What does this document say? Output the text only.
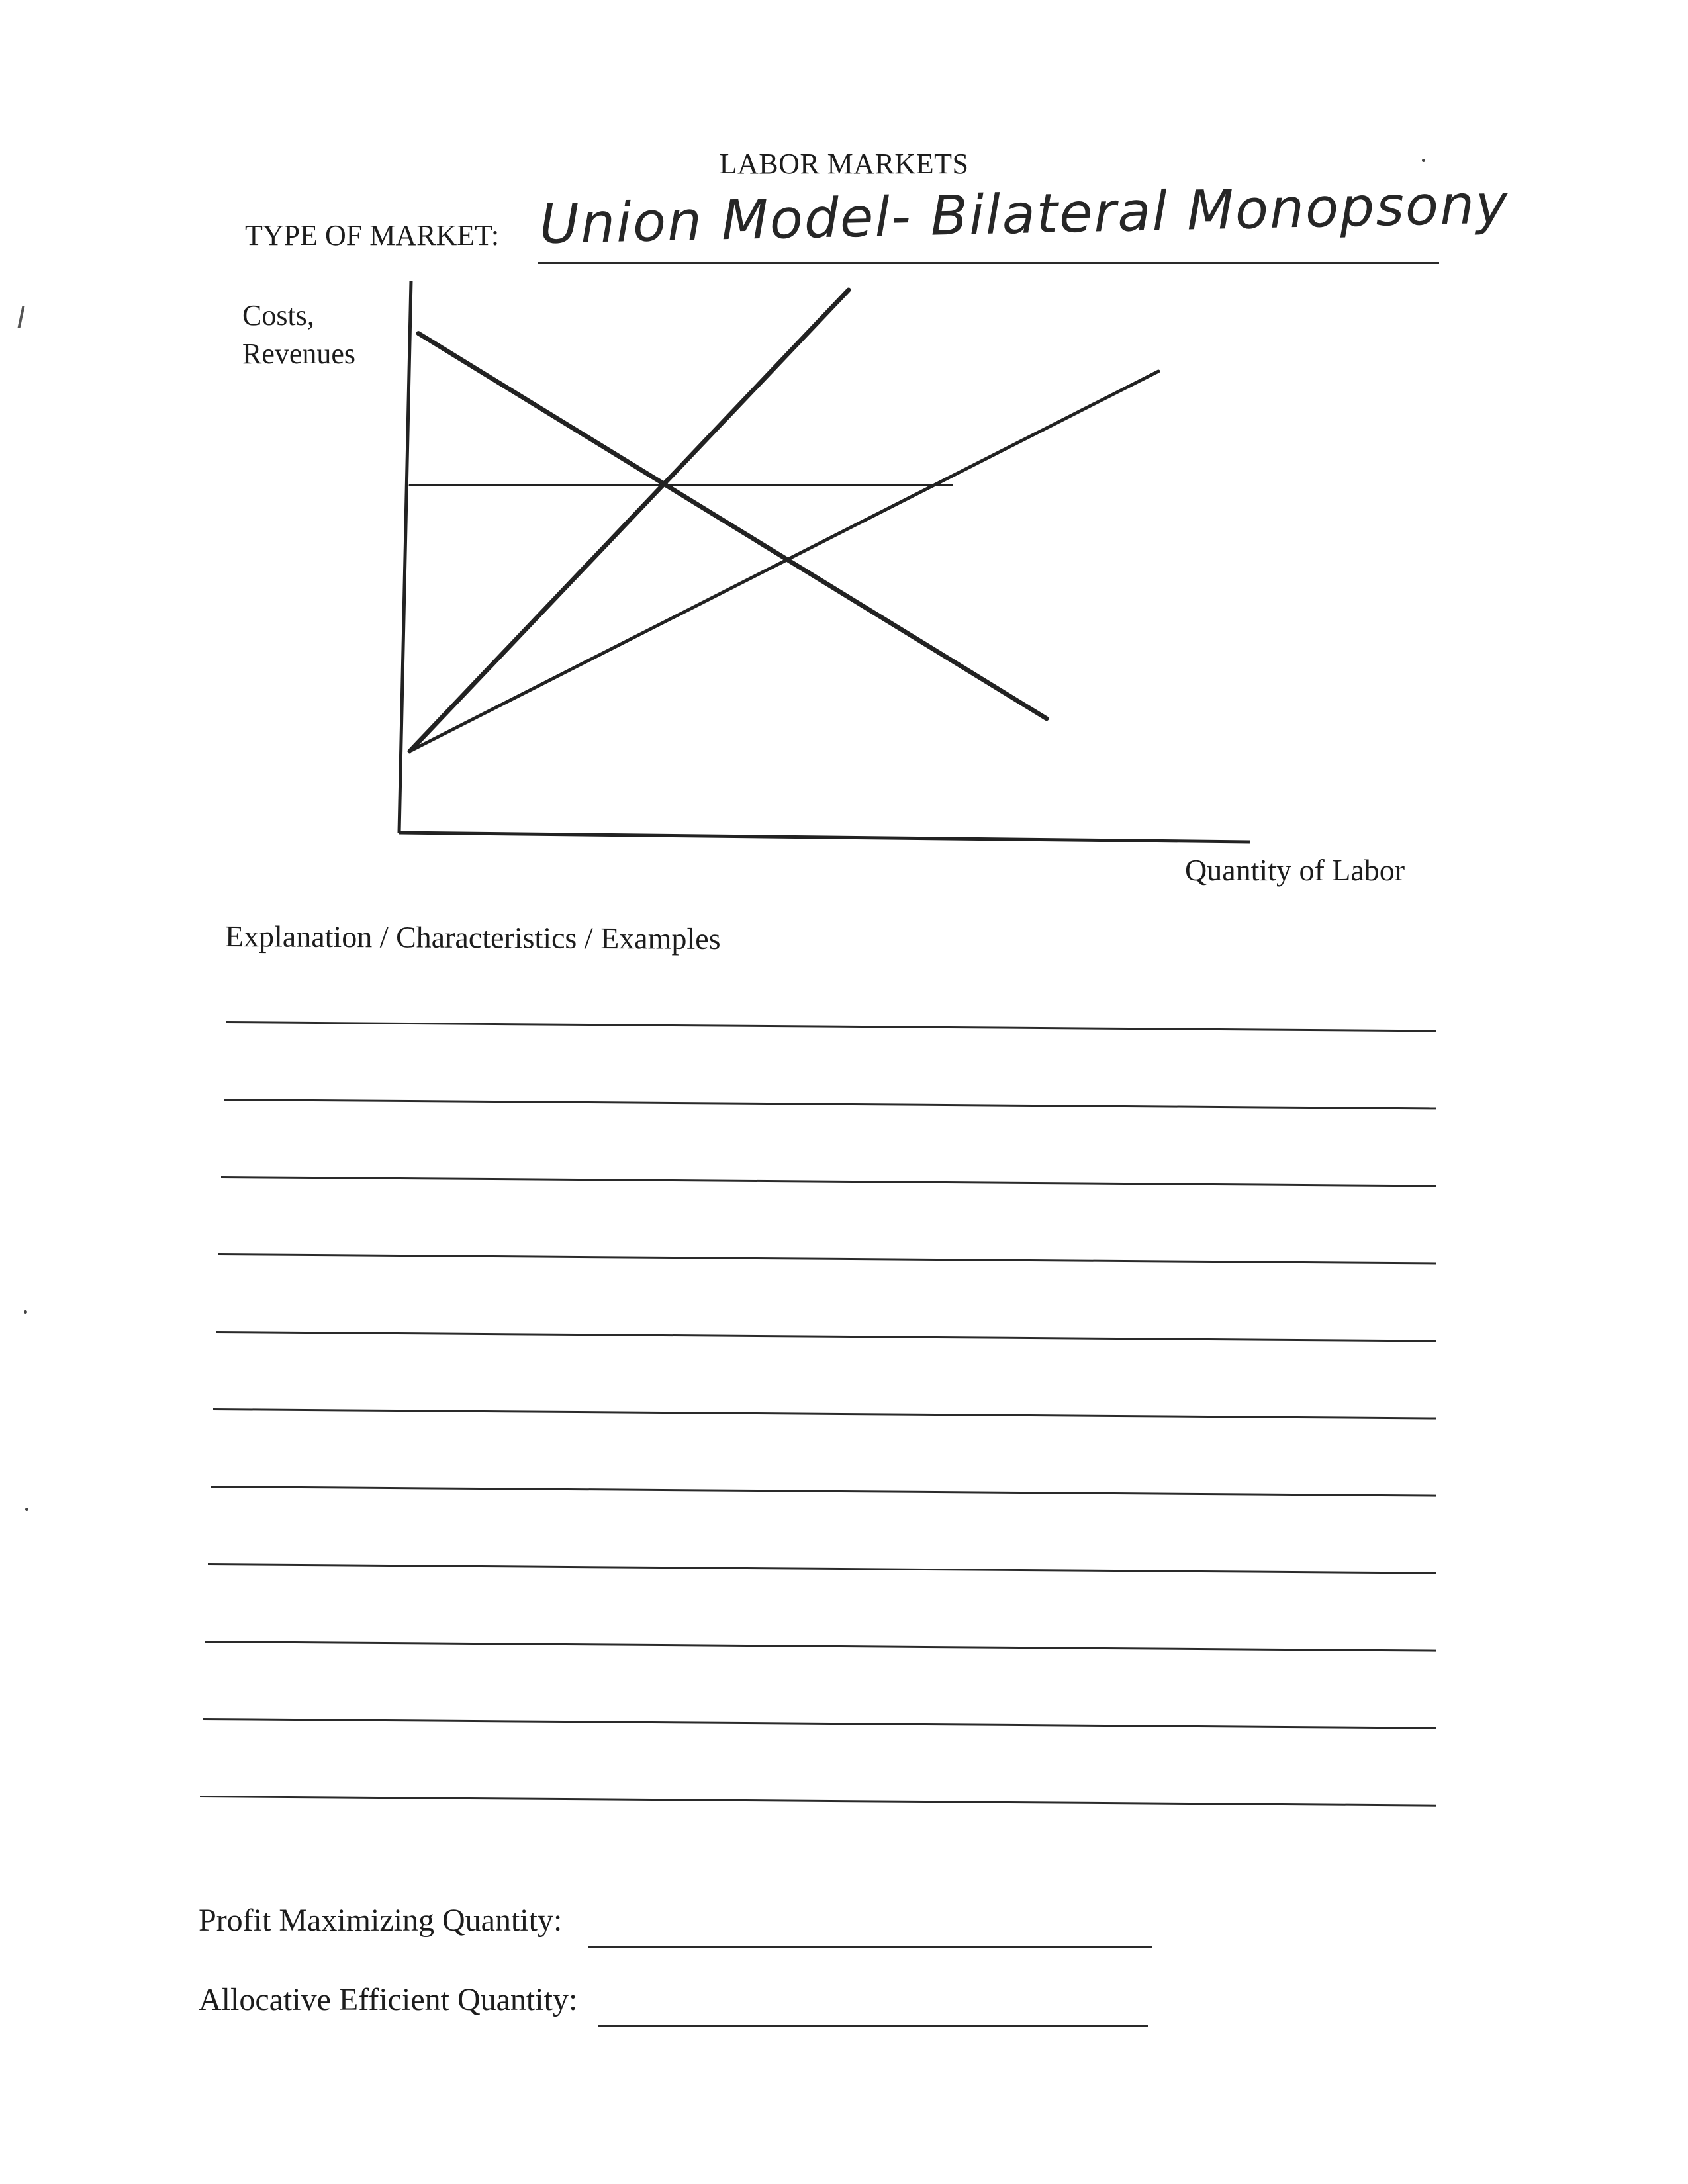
LABOR MARKETS
TYPE OF MARKET: Union Model- Bilateral Monopsony
Costs,
Revenues
Quantity of Labor
Explanation / Characteristics / Examples
Profit Maximizing Quantity:
Allocative Efficient Quantity:
